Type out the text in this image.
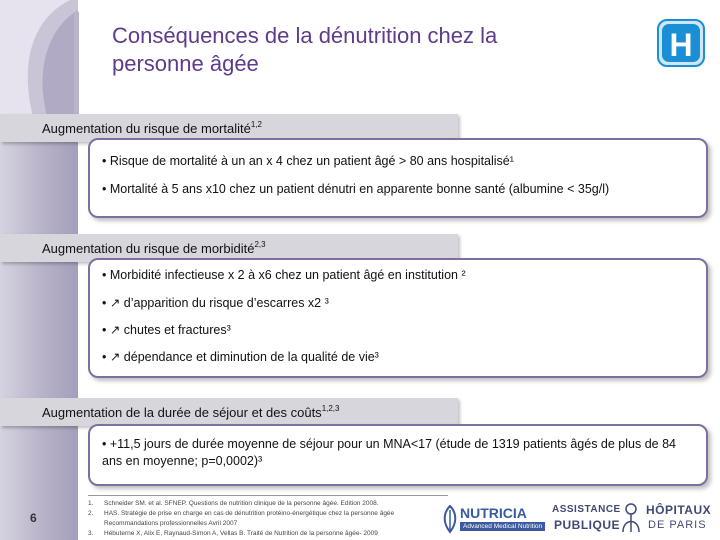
Conséquences de la dénutrition chez la
personne âgée
H
Augmentation du risque de mortalité$^{1,2}$
• Risque de mortalité à un an x 4 chez un patient âgé > 80 ans hospitalisé¹
• Mortalité à 5 ans x10 chez un patient dénutri en apparente bonne santé (albumine < 35g/l)
Augmentation du risque de morbidité$^{2,3}$
• Morbidité infectieuse x 2 à x6 chez un patient âgé en institution ²
• ↗ d’apparition du risque d’escarres x2 ³
• ↗ chutes et fractures³
• ↗ dépendance et diminution de la qualité de vie³
Augmentation de la durée de séjour et des coûts$^{1,2,3}$
• +11,5 jours de durée moyenne de séjour pour un MNA<17 (étude de 1319 patients âgés de plus de 84 ans en moyenne; p=0,0002)³
6
1. Schneider SM. et al. SFNEP. Questions de nutrition clinique de la personne âgée. Edition 2008.
2. HAS. Stratégie de prise en charge en cas de dénutrition protéino-énergétique chez la personne âgée
Recommandations professionnelles Avril 2007
3. Hébuterne X, Alix E, Raynaud-Simon A, Vellas B. Traité de Nutrition de la personne âgée- 2009
NUTRICIA
Advanced Medical Nutrition
ASSISTANCE
PUBLIQUE
HÔPITAUX
DE PARIS
